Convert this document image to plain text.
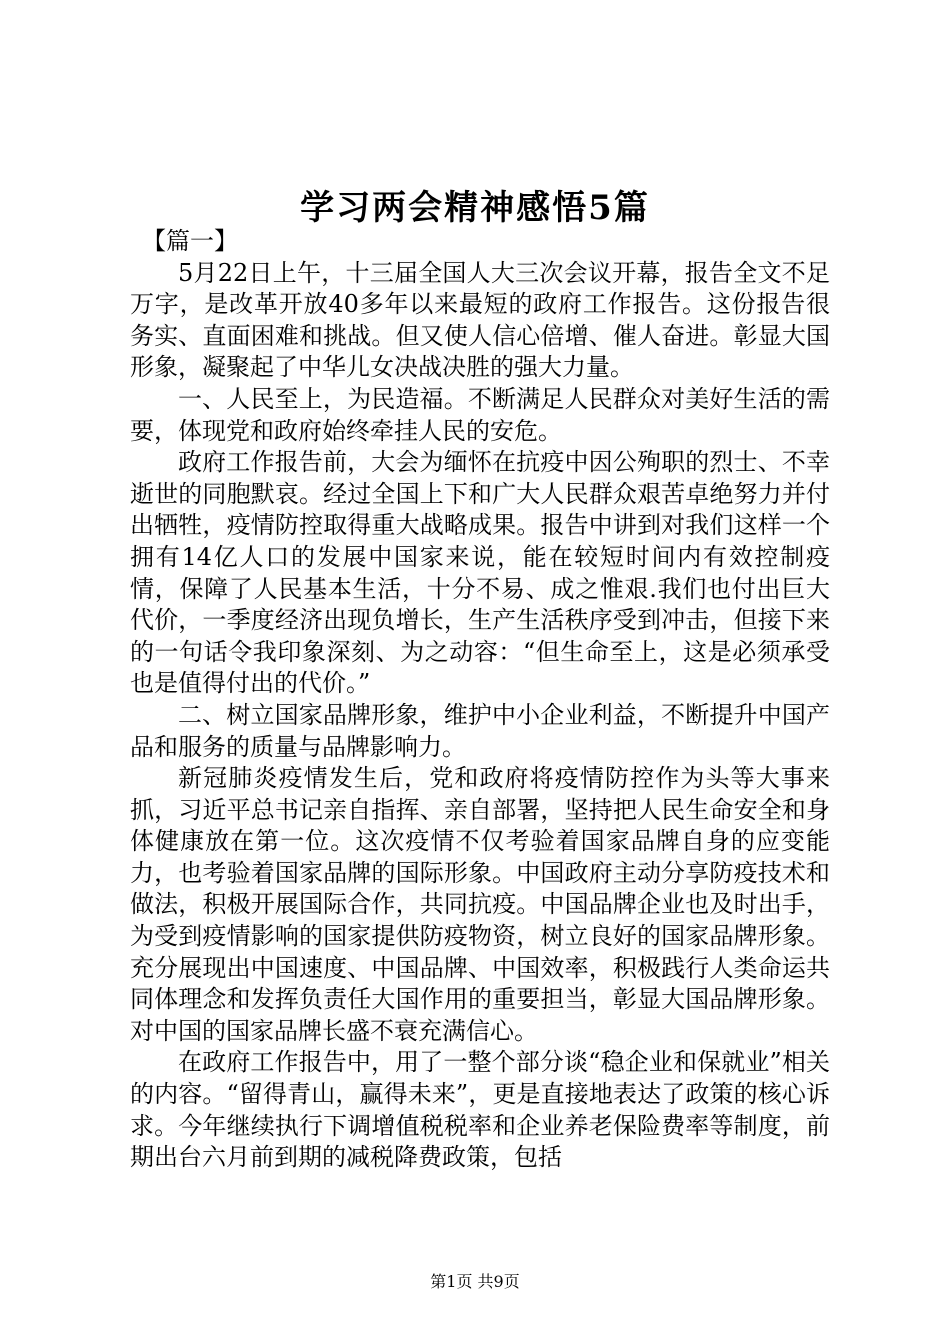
学习两会精神感悟5篇

【篇一】

5月22日上午，十三届全国人大三次会议开幕，报告全文不足万字，是改革开放40多年以来最短的政府工作报告。这份报告很务实、直面困难和挑战。但又使人信心倍增、催人奋进。彰显大国形象，凝聚起了中华儿女决战决胜的强大力量。

一、人民至上，为民造福。不断满足人民群众对美好生活的需要，体现党和政府始终牵挂人民的安危。

政府工作报告前，大会为缅怀在抗疫中因公殉职的烈士、不幸逝世的同胞默哀。经过全国上下和广大人民群众艰苦卓绝努力并付出牺牲，疫情防控取得重大战略成果。报告中讲到对我们这样一个拥有14亿人口的发展中国家来说，能在较短时间内有效控制疫情，保障了人民基本生活，十分不易、成之惟艰.我们也付出巨大代价，一季度经济出现负增长，生产生活秩序受到冲击，但接下来的一句话令我印象深刻、为之动容：“但生命至上，这是必须承受也是值得付出的代价。”

二、树立国家品牌形象，维护中小企业利益，不断提升中国产品和服务的质量与品牌影响力。

新冠肺炎疫情发生后，党和政府将疫情防控作为头等大事来抓，习近平总书记亲自指挥、亲自部署，坚持把人民生命安全和身体健康放在第一位。这次疫情不仅考验着国家品牌自身的应变能力，也考验着国家品牌的国际形象。中国政府主动分享防疫技术和做法，积极开展国际合作，共同抗疫。中国品牌企业也及时出手，为受到疫情影响的国家提供防疫物资，树立良好的国家品牌形象。充分展现出中国速度、中国品牌、中国效率，积极践行人类命运共同体理念和发挥负责任大国作用的重要担当，彰显大国品牌形象。对中国的国家品牌长盛不衰充满信心。

在政府工作报告中，用了一整个部分谈“稳企业和保就业”相关的内容。“留得青山，赢得未来”，更是直接地表达了政策的核心诉求。今年继续执行下调增值税税率和企业养老保险费率等制度，前期出台六月前到期的减税降费政策，包括

第1页 共9页
